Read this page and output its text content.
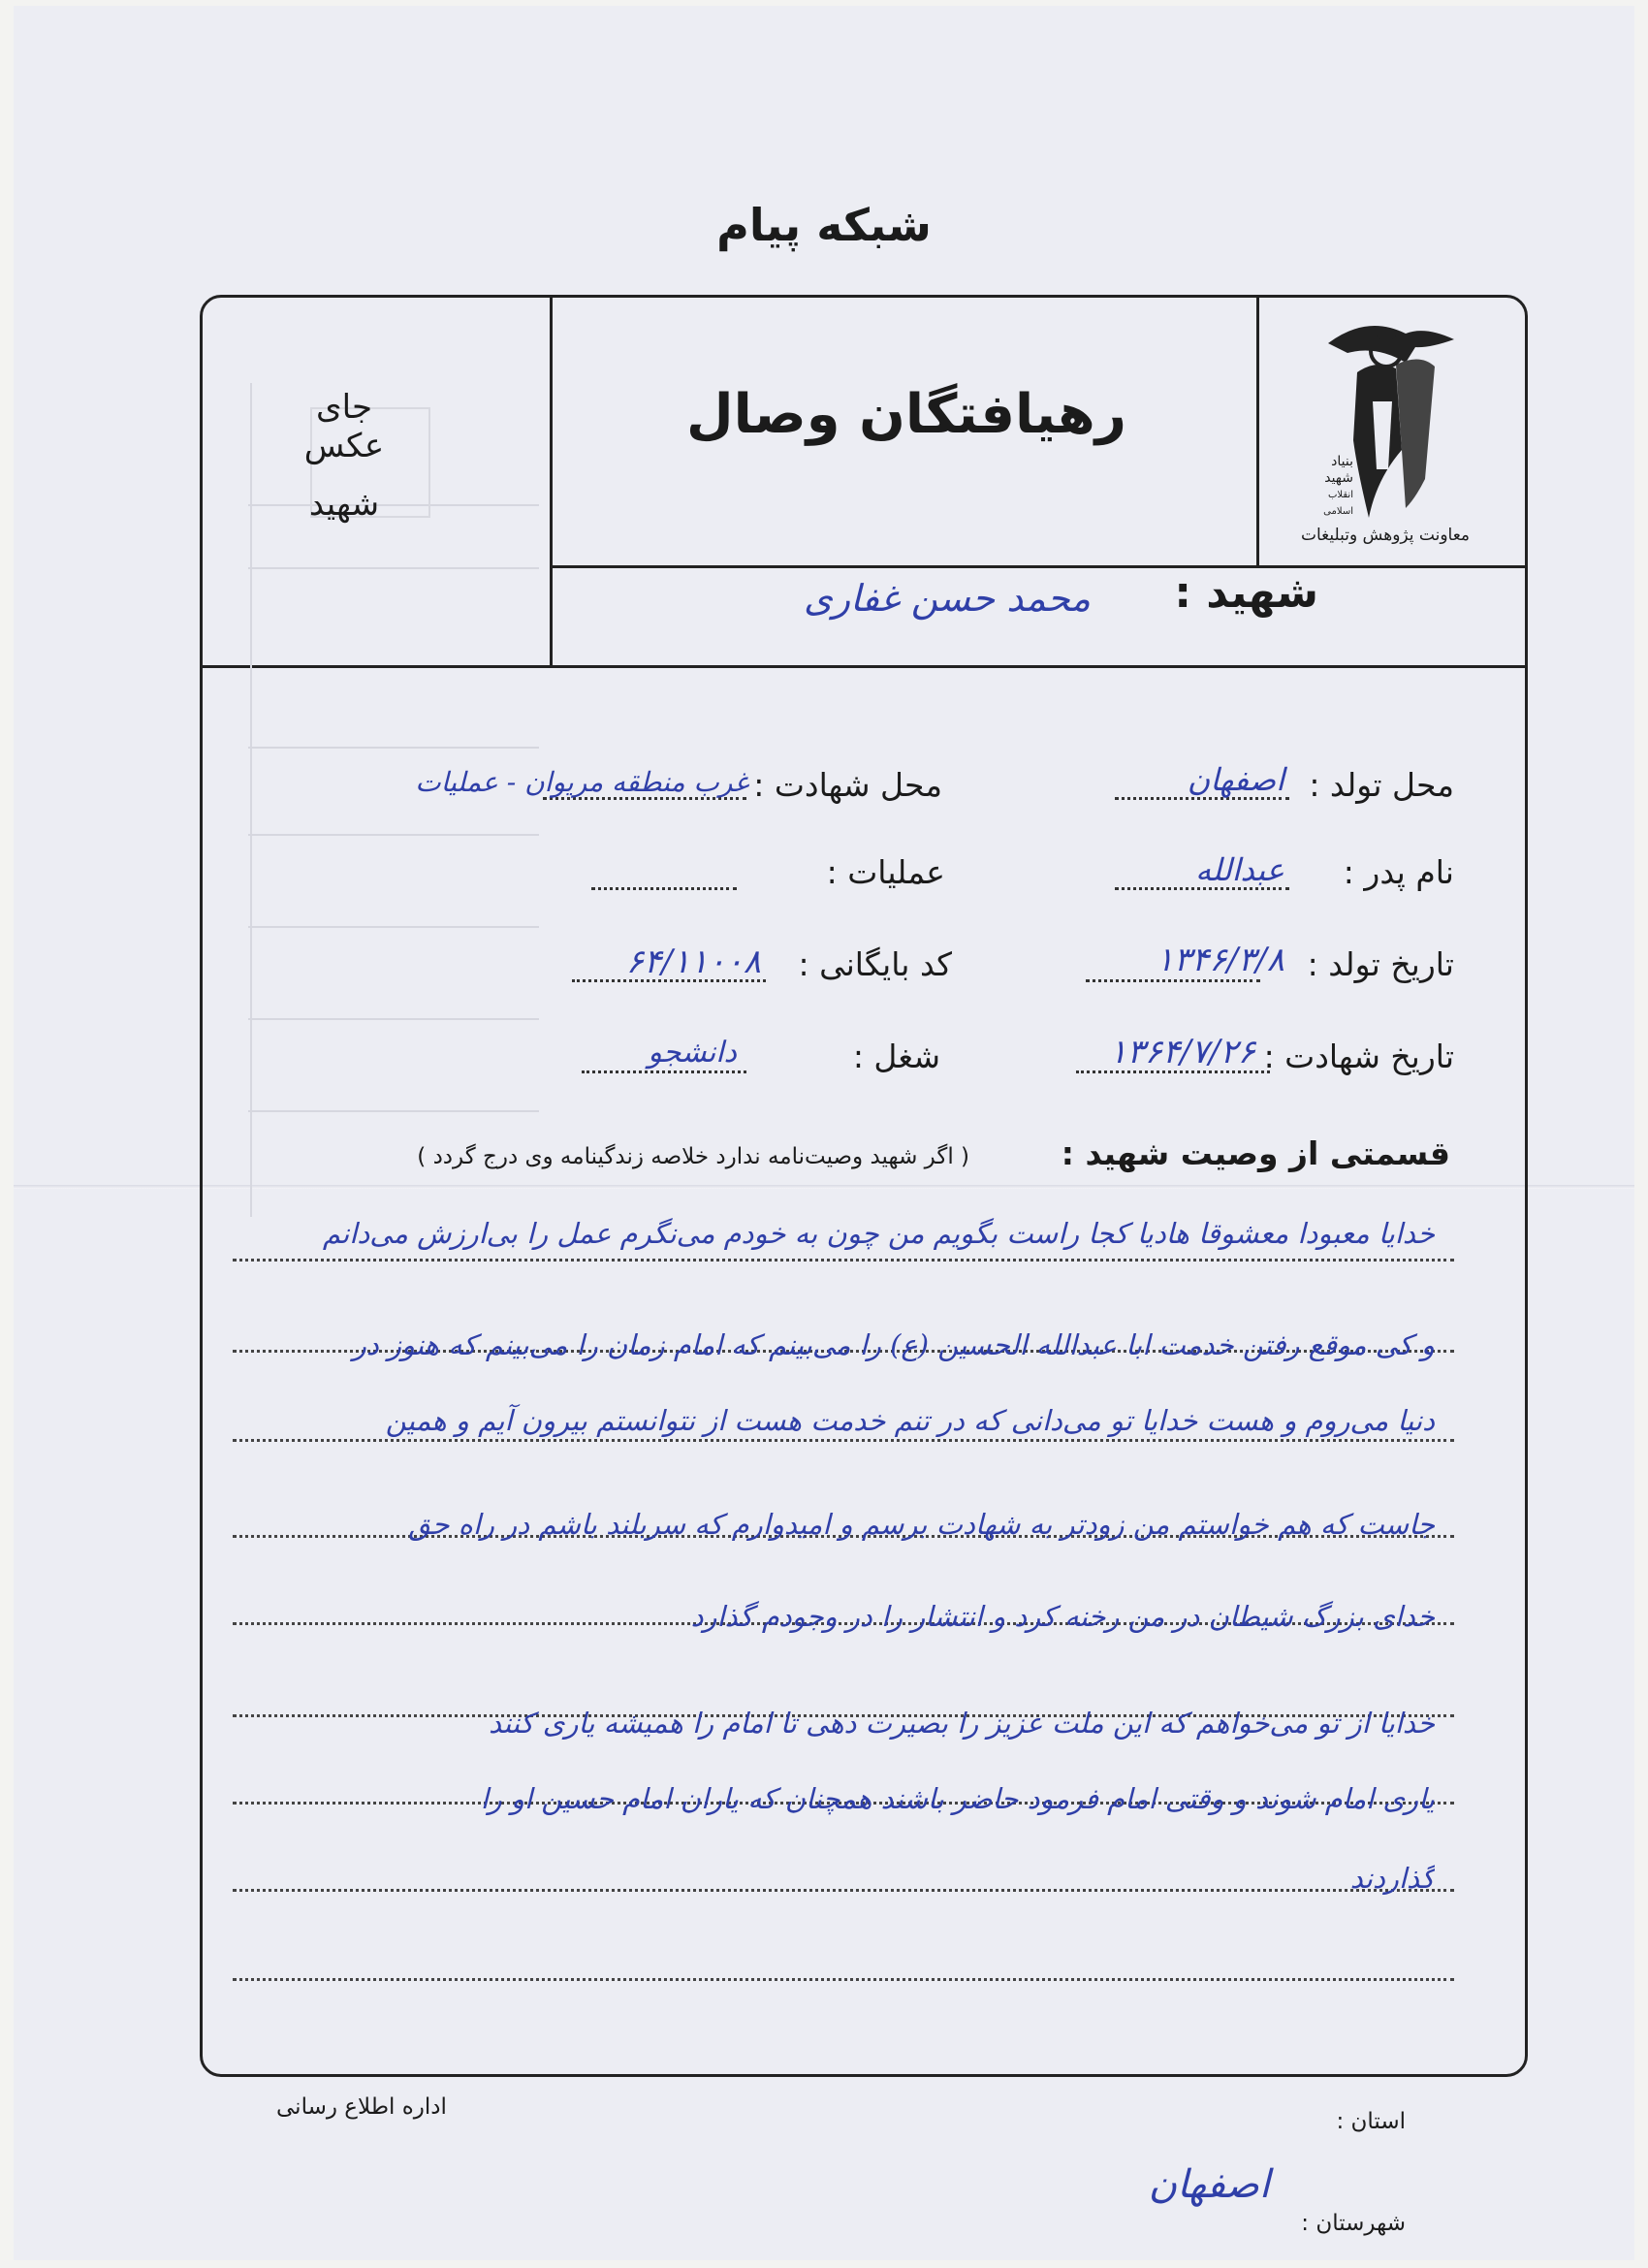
شبکه پیام
بنیاد
شهید
انقلاب اسلامی
معاونت پژوهش وتبلیغات
رهیافتگان وصال
جای عکس
شهید
شهید :
محمد حسن غفاری
محل تولد :
اصفهان
محل شهادت :
غرب منطقه مریوان - عملیات
نام پدر :
عبدالله
عملیات :
تاریخ تولد :
۱۳۴۶/۳/۸
کد بایگانی :
۶۴/۱۱۰۰۸
تاریخ شهادت :
۱۳۶۴/۷/۲۶
شغل :
دانشجو
قسمتی از وصیت شهید :
( اگر شهید وصیت‌نامه ندارد خلاصه زندگینامه وی درج گردد )
خدایا معبودا معشوقا هادیا کجا راست بگویم من چون به خودم می‌نگرم عمل را بی‌ارزش می‌دانم
و کی موقع رفتن خدمت ابا عبدالله الحسین (ع) را می‌بینم که امام زمان را می‌بینم که هنوز در
دنیا می‌روم و هست خدایا تو می‌دانی که در تنم خدمت هست از نتوانستم بیرون آیم و همین
جاست که هم خواستم من زودتر به شهادت برسم و امیدوارم که سربلند باشم در راه حق
خدای بزرگ شیطان در من رخنه کرد و انتشار را در وجودم گذارد
خدایا از تو می‌خواهم که این ملت عزیز را بصیرت دهی تا امام را همیشه یاری کنند
یاری امام شوند و وقتی امام فرمود حاضر باشند همچنان که یاران امام حسین او را
گذاردند
اداره اطلاع رسانی
استان :
شهرستان :
اصفهان
